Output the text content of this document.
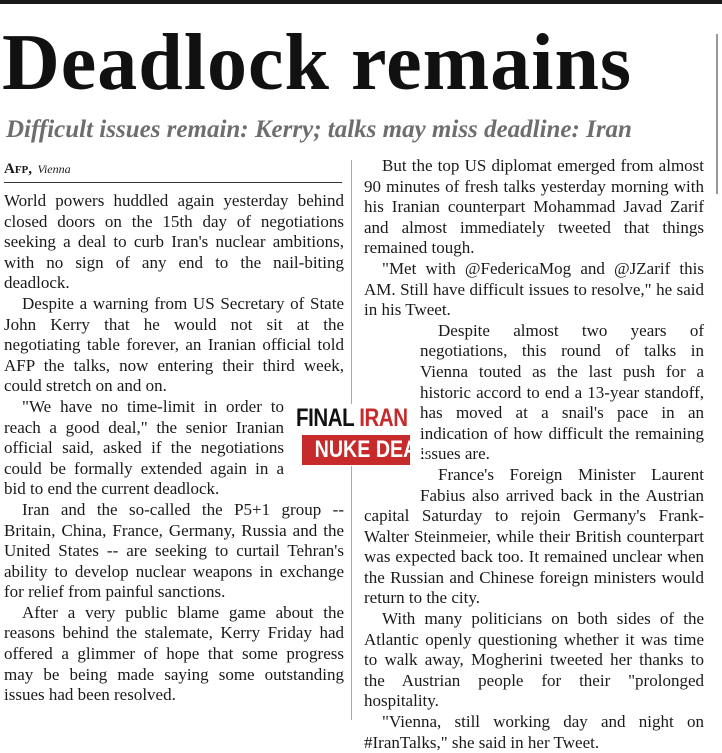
Deadlock remains
Difficult issues remain: Kerry; talks may miss deadline: Iran
Afp, Vienna

World powers huddled again yesterday behind closed doors on the 15th day of negotiations seeking a deal to curb Iran's nuclear ambitions, with no sign of any end to the nail-biting deadlock.

Despite a warning from US Secretary of State John Kerry that he would not sit at the negotiating table forever, an Iranian official told AFP the talks, now entering their third week, could stretch on and on.

"We have no time-limit in order to reach a good deal," the senior Iranian official said, asked if the negotiations could be formally extended again in a bid to end the current deadlock.

Iran and the so-called the P5+1 group -- Britain, China, France, Germany, Russia and the United States -- are seeking to curtail Tehran's ability to develop nuclear weapons in exchange for relief from painful sanctions.

After a very public blame game about the reasons behind the stalemate, Kerry Friday had offered a glimmer of hope that some progress may be being made saying some outstanding issues had been resolved.

But the top US diplomat emerged from almost 90 minutes of fresh talks yesterday morning with his Iranian counterpart Mohammad Javad Zarif and almost immediately tweeted that things remained tough.

"Met with @FedericaMog and @JZarif this AM. Still have difficult issues to resolve," he said in his Tweet.

Despite almost two years of negotiations, this round of talks in Vienna touted as the last push for a historic accord to end a 13-year standoff, has moved at a snail's pace in an indication of how difficult the remaining issues are.

France's Foreign Minister Laurent Fabius also arrived back in the Austrian capital Saturday to rejoin Germany's Frank-Walter Steinmeier, while their British counterpart was expected back too. It remained unclear when the Russian and Chinese foreign ministers would return to the city.

With many politicians on both sides of the Atlantic openly questioning whether it was time to walk away, Mogherini tweeted her thanks to the Austrian people for their "prolonged hospitality.

"Vienna, still working day and night on #IranTalks," she said in her Tweet.

FINAL IRAN
NUKE DEAL
